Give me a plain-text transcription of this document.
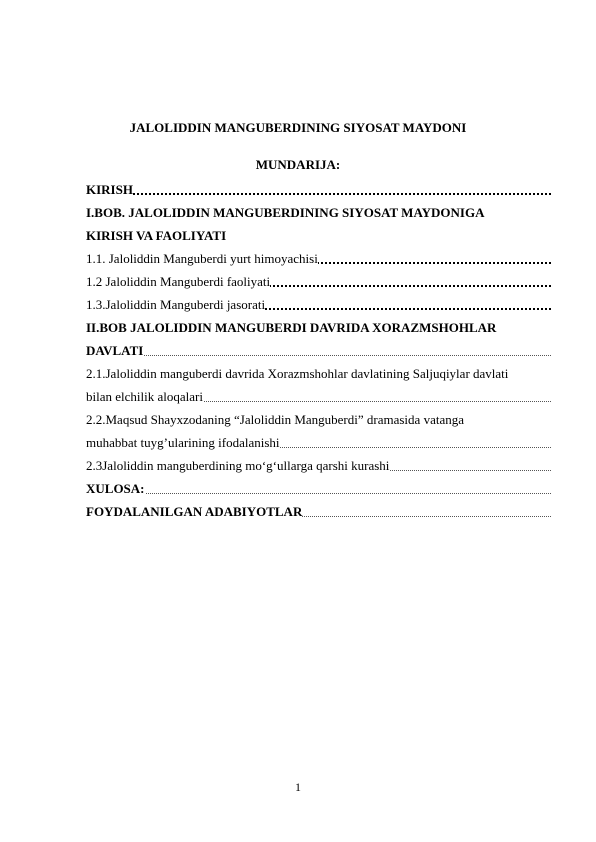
JALOLIDDIN MANGUBERDINING SIYOSAT MAYDONI
MUNDARIJA:
KIRISH
I.BOB. JALOLIDDIN MANGUBERDINING SIYOSAT MAYDONIGA
KIRISH VA FAOLIYATI
1.1. Jaloliddin Manguberdi yurt himoyachisi
1.2 Jaloliddin Manguberdi faoliyati
1.3.Jaloliddin Manguberdi jasorati
II.BOB JALOLIDDIN MANGUBERDI DAVRIDA XORAZMSHOHLAR
DAVLATI
2.1.Jaloliddin manguberdi davrida Xorazmshohlar davlatining Saljuqiylar davlati
bilan elchilik aloqalari
2.2.Maqsud Shayxzodaning “Jaloliddin Manguberdi” dramasida vatanga
muhabbat tuyg’ularining ifodalanishi
2.3Jaloliddin manguberdining mo‘g‘ullarga qarshi kurashi
XULOSA:
FOYDALANILGAN ADABIYOTLAR
1
